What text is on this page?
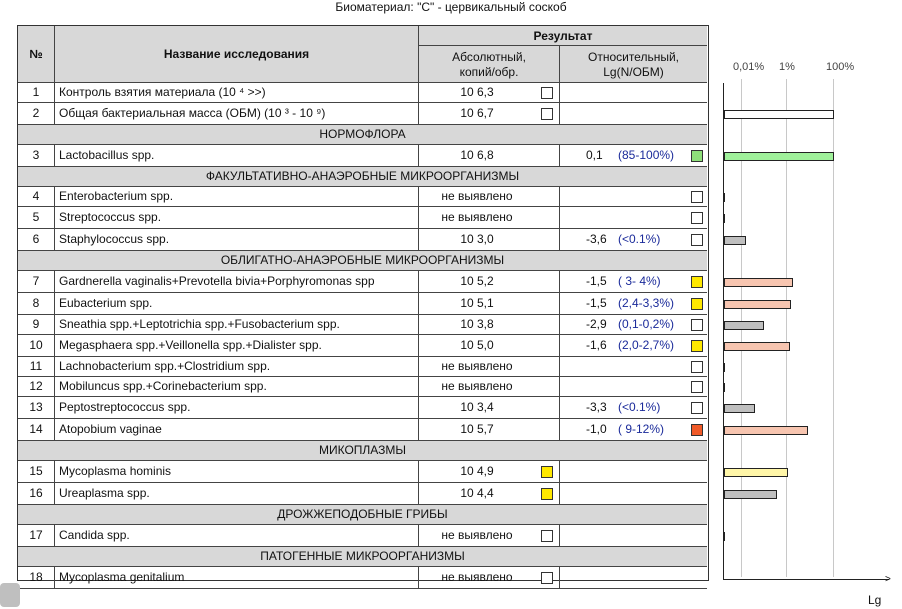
Биоматериал: "С" - цервикальный соскоб
№	Название исследования
Результат
Абсолютный,
копий/обр.
Относительный,
Lg(N/ОБМ)
1	Контроль взятия материала (10 ⁴ >>)	10 6,3
2	Общая бактериальная масса (ОБМ) (10 ³ - 10 ⁹)	10 6,7
НОРМОФЛОРА
3	Lactobacillus spp.	10 6,8	0,1 (85-100%)
ФАКУЛЬТАТИВНО-АНАЭРОБНЫЕ МИКРООРГАНИЗМЫ
4	Enterobacterium spp.	не выявлено
5	Streptococcus spp.	не выявлено
6	Staphylococcus spp.	10 3,0	-3,6 (<0.1%)
ОБЛИГАТНО-АНАЭРОБНЫЕ МИКРООРГАНИЗМЫ
7	Gardnerella vaginalis+Prevotella bivia+Porphyromonas spp	10 5,2	-1,5 ( 3- 4%)
8	Eubacterium spp.	10 5,1	-1,5 (2,4-3,3%)
9	Sneathia spp.+Leptotrichia spp.+Fusobacterium spp.	10 3,8	-2,9 (0,1-0,2%)
10	Megasphaera spp.+Veillonella spp.+Dialister spp.	10 5,0	-1,6 (2,0-2,7%)
11	Lachnobacterium spp.+Clostridium spp.	не выявлено
12	Mobiluncus spp.+Corinebacterium spp.	не выявлено
13	Peptostreptococcus spp.	10 3,4	-3,3 (<0.1%)
14	Atopobium vaginae	10 5,7	-1,0 ( 9-12%)
МИКОПЛАЗМЫ
15	Mycoplasma hominis	10 4,9
16	Ureaplasma spp.	10 4,4
ДРОЖЖЕПОДОБНЫЕ ГРИБЫ
17	Candida spp.	не выявлено
ПАТОГЕННЫЕ МИКРООРГАНИЗМЫ
18	Mycoplasma genitalium	не выявлено
0,01% 1%	100%
>
Lg
